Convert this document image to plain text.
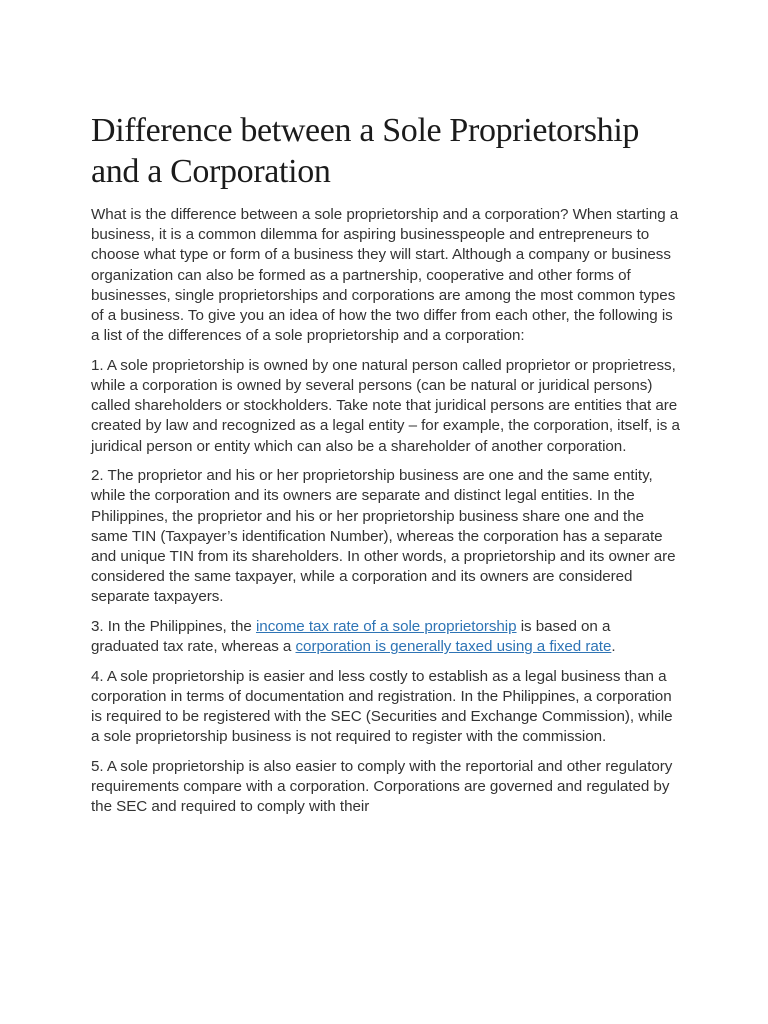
Difference between a Sole Proprietorship and a Corporation

What is the difference between a sole proprietorship and a corporation? When starting a business, it is a common dilemma for aspiring businesspeople and entrepreneurs to choose what type or form of a business they will start. Although a company or business organization can also be formed as a partnership, cooperative and other forms of businesses, single proprietorships and corporations are among the most common types of a business. To give you an idea of how the two differ from each other, the following is a list of the differences of a sole proprietorship and a corporation:

1. A sole proprietorship is owned by one natural person called proprietor or proprietress, while a corporation is owned by several persons (can be natural or juridical persons) called shareholders or stockholders. Take note that juridical persons are entities that are created by law and recognized as a legal entity – for example, the corporation, itself, is a juridical person or entity which can also be a shareholder of another corporation.

2. The proprietor and his or her proprietorship business are one and the same entity, while the corporation and its owners are separate and distinct legal entities. In the Philippines, the proprietor and his or her proprietorship business share one and the same TIN (Taxpayer’s identification Number), whereas the corporation has a separate and unique TIN from its shareholders. In other words, a proprietorship and its owner are considered the same taxpayer, while a corporation and its owners are considered separate taxpayers.

3. In the Philippines, the income tax rate of a sole proprietorship is based on a graduated tax rate, whereas a corporation is generally taxed using a fixed rate.

4. A sole proprietorship is easier and less costly to establish as a legal business than a corporation in terms of documentation and registration. In the Philippines, a corporation is required to be registered with the SEC (Securities and Exchange Commission), while a sole proprietorship business is not required to register with the commission.

5. A sole proprietorship is also easier to comply with the reportorial and other regulatory requirements compare with a corporation. Corporations are governed and regulated by the SEC and required to comply with their
